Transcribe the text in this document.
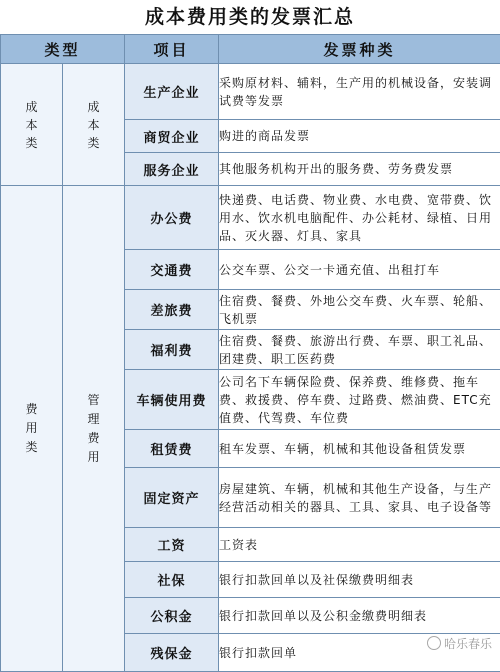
成本费用类的发票汇总
类型		项目	发票种类
成本类	成本类	生产企业	采购原材料、辅料，生产用的机械设备，安装调试费等发票
		商贸企业	购进的商品发票
		服务企业	其他服务机构开出的服务费、劳务费发票
费用类	管理费用	办公费	快递费、电话费、物业费、水电费、宽带费、饮用水、饮水机电脑配件、办公耗材、绿植、日用品、灭火器、灯具、家具
		交通费	公交车票、公交一卡通充值、出租打车
		差旅费	住宿费、餐费、外地公交车费、火车票、轮船、飞机票
		福利费	住宿费、餐费、旅游出行费、车票、职工礼品、团建费、职工医药费
		车辆使用费	公司名下车辆保险费、保养费、维修费、拖车费、救援费、停车费、过路费、燃油费、ETC充值费、代驾费、车位费
		租赁费	租车发票、车辆，机械和其他设备租赁发票
		固定资产	房屋建筑、车辆，机械和其他生产设备，与生产经营活动相关的器具、工具、家具、电子设备等
		工资	工资表
		社保	银行扣款回单以及社保缴费明细表
		公积金	银行扣款回单以及公积金缴费明细表
		残保金	银行扣款回单
哈乐春乐
